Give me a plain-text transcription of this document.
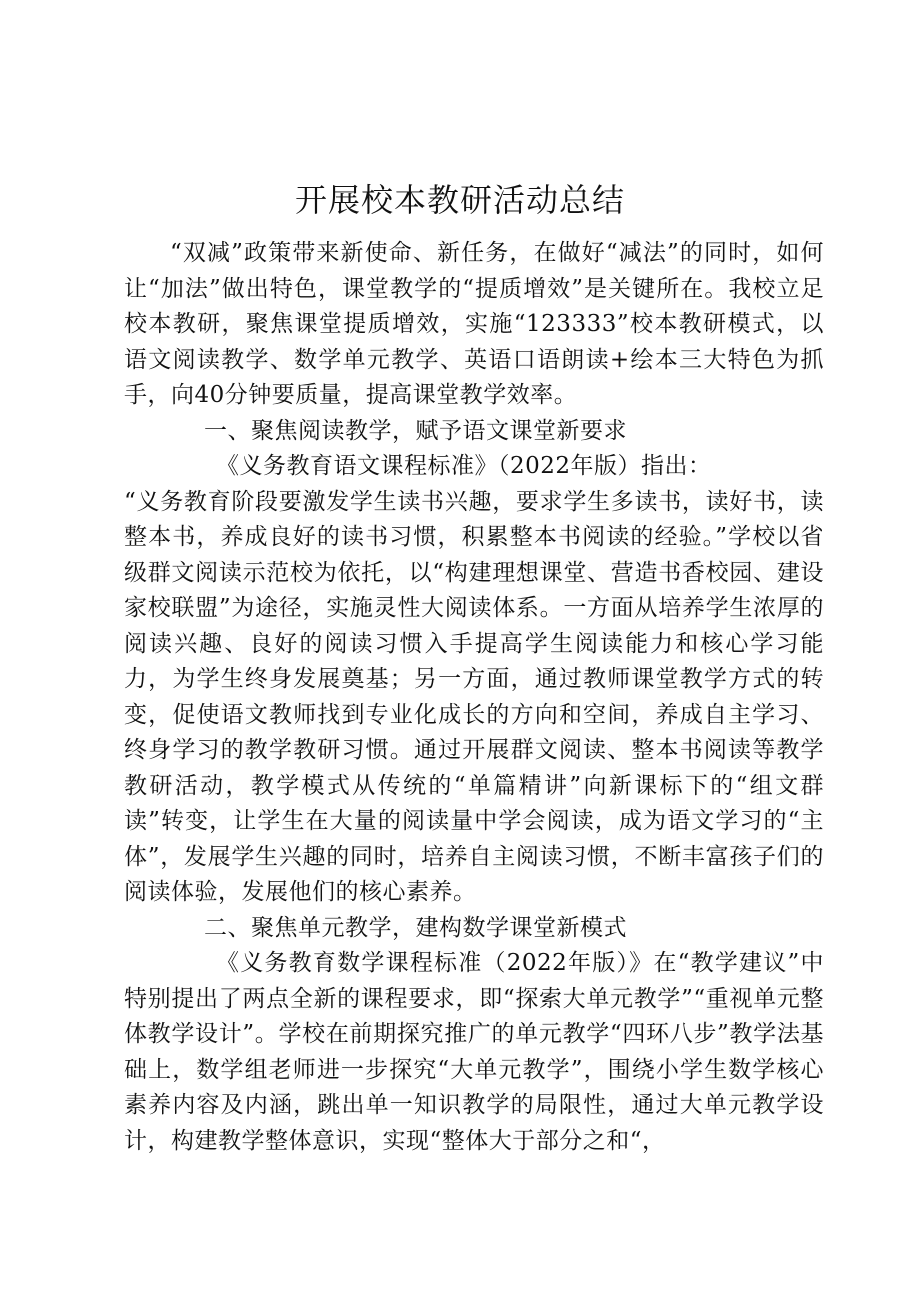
开展校本教研活动总结

“双减”政策带来新使命、新任务，在做好“减法”的同时，如何让“加法”做出特色，课堂教学的“提质增效”是关键所在。我校立足校本教研，聚焦课堂提质增效，实施“123333”校本教研模式，以语文阅读教学、数学单元教学、英语口语朗读+绘本三大特色为抓手，向40分钟要质量，提高课堂教学效率。

一、聚焦阅读教学，赋予语文课堂新要求

《义务教育语文课程标准》（2022年版）指出：

“义务教育阶段要激发学生读书兴趣，要求学生多读书，读好书，读整本书，养成良好的读书习惯，积累整本书阅读的经验。”学校以省级群文阅读示范校为依托，以“构建理想课堂、营造书香校园、建设家校联盟”为途径，实施灵性大阅读体系。一方面从培养学生浓厚的阅读兴趣、良好的阅读习惯入手提高学生阅读能力和核心学习能力，为学生终身发展奠基；另一方面，通过教师课堂教学方式的转变，促使语文教师找到专业化成长的方向和空间，养成自主学习、终身学习的教学教研习惯。通过开展群文阅读、整本书阅读等教学教研活动，教学模式从传统的“单篇精讲”向新课标下的“组文群读”转变，让学生在大量的阅读量中学会阅读，成为语文学习的“主体”，发展学生兴趣的同时，培养自主阅读习惯，不断丰富孩子们的阅读体验，发展他们的核心素养。

二、聚焦单元教学，建构数学课堂新模式

《义务教育数学课程标准（2022年版）》在“教学建议”中特别提出了两点全新的课程要求，即“探索大单元教学”“重视单元整体教学设计”。学校在前期探究推广的单元教学“四环八步”教学法基础上，数学组老师进一步探究“大单元教学”，围绕小学生数学核心素养内容及内涵，跳出单一知识教学的局限性，通过大单元教学设计，构建教学整体意识，实现“整体大于部分之和“，
